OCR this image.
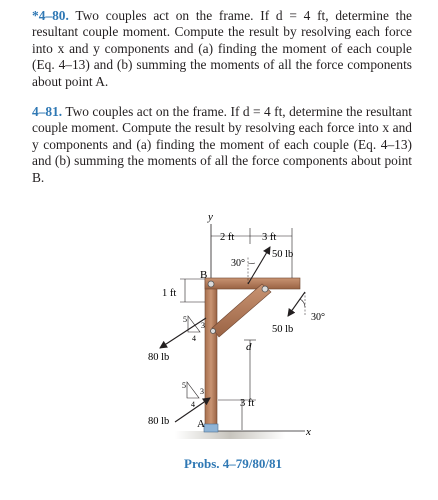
*4–80. Two couples act on the frame. If d = 4 ft, determine the resultant couple moment. Compute the result by resolving each force into x and y components and (a) finding the moment of each couple (Eq. 4–13) and (b) summing the moments of all the force components about point A.

4–81. Two couples act on the frame. If d = 4 ft, determine the resultant couple moment. Compute the result by resolving each force into x and y components and (a) finding the moment of each couple (Eq. 4–13) and (b) summing the moments of all the force components about point B.

y
x
A
B
2 ft	3 ft
50 lb
30°
1 ft
5
3
4
80 lb
d
50 lb
30°
3 ft
5
3
4
80 lb
Probs. 4–79/80/81
